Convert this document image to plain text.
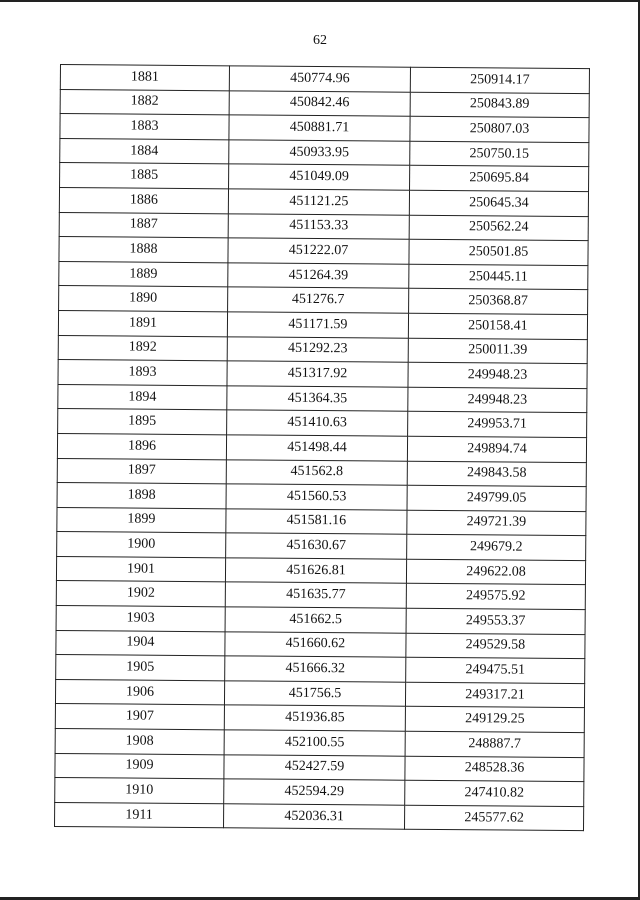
62
1881	450774.96	250914.17
1882	450842.46	250843.89
1883	450881.71	250807.03
1884	450933.95	250750.15
1885	451049.09	250695.84
1886	451121.25	250645.34
1887	451153.33	250562.24
1888	451222.07	250501.85
1889	451264.39	250445.11
1890	451276.7	250368.87
1891	451171.59	250158.41
1892	451292.23	250011.39
1893	451317.92	249948.23
1894	451364.35	249948.23
1895	451410.63	249953.71
1896	451498.44	249894.74
1897	451562.8	249843.58
1898	451560.53	249799.05
1899	451581.16	249721.39
1900	451630.67	249679.2
1901	451626.81	249622.08
1902	451635.77	249575.92
1903	451662.5	249553.37
1904	451660.62	249529.58
1905	451666.32	249475.51
1906	451756.5	249317.21
1907	451936.85	249129.25
1908	452100.55	248887.7
1909	452427.59	248528.36
1910	452594.29	247410.82
1911	452036.31	245577.62
